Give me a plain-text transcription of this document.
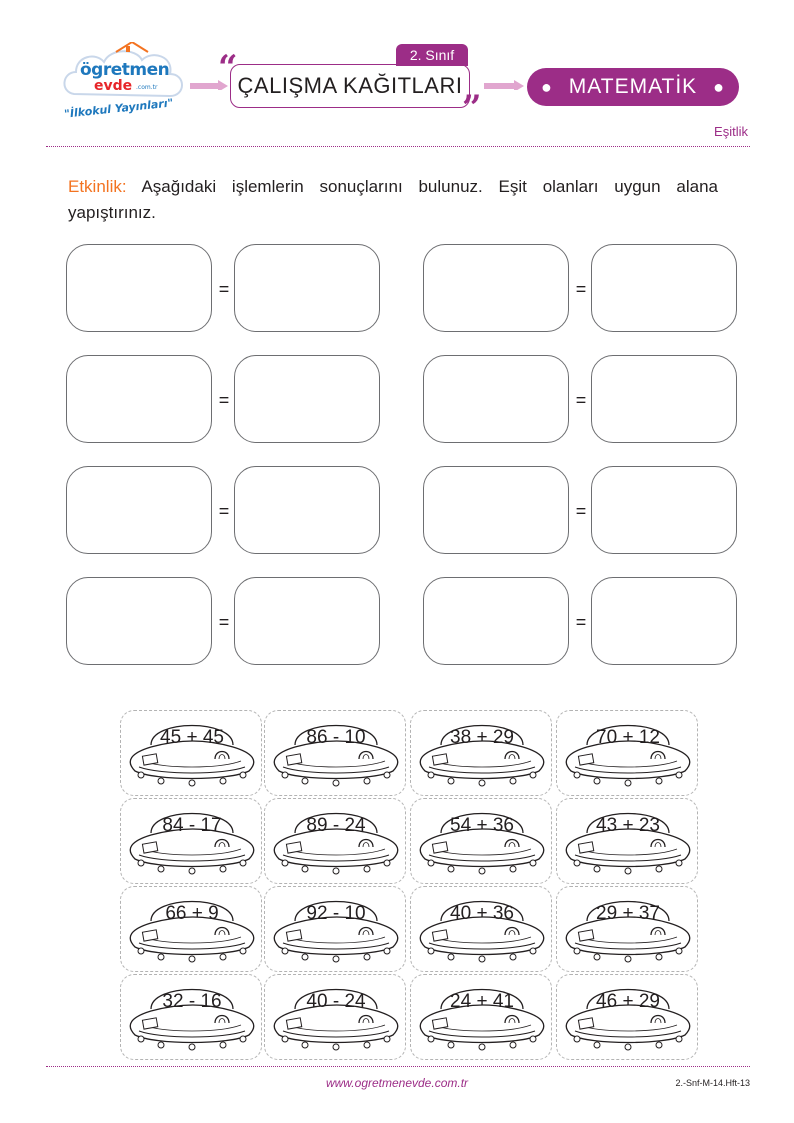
ögretmen
evde .com.tr
"İlkokul Yayınları"
“	2. Sınıf
ÇALIŞMA KAĞITLARI
”
● MATEMATİK ●
Eşitlik
Etkinlik: Aşağıdaki işlemlerin sonuçlarını bulunuz. Eşit olanları uygun alana yapıştırınız.
=	=
=	=
=	=
=	=
45 + 45	86 - 10	38 + 29	70 + 12
84 - 17	89 - 24	54 + 36	43 + 23
66 + 9	92 - 10	40 + 36	29 + 37
32 - 16	40 - 24	24 + 41	46 + 29
www.ogretmenevde.com.tr	2.-Snf-M-14.Hft-13
